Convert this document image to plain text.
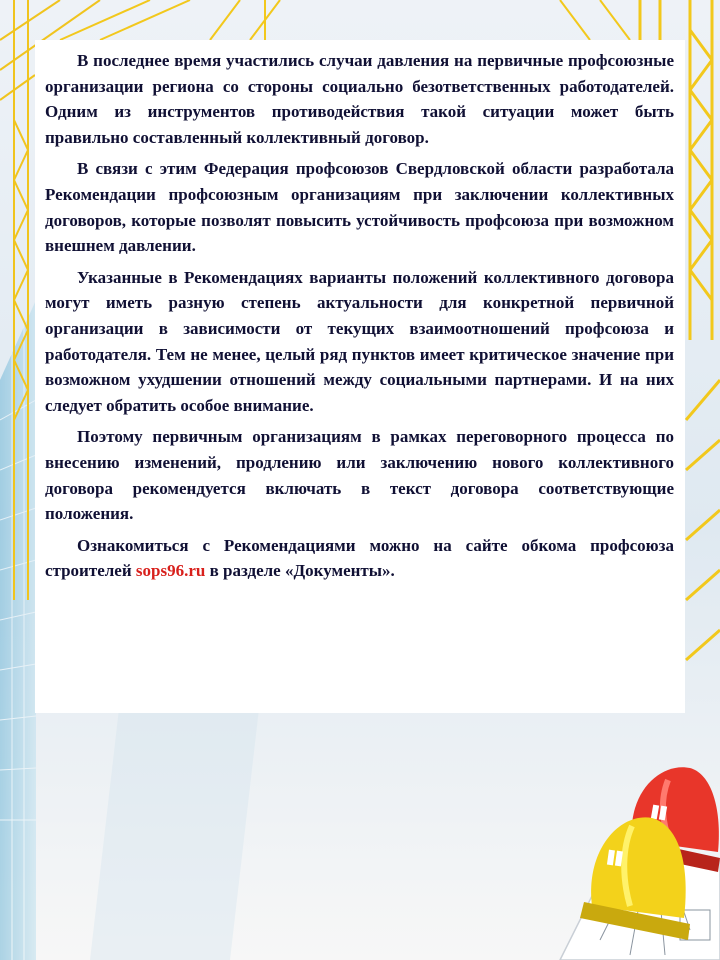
В последнее время участились случаи давления на первичные профсоюзные организации региона со стороны социально безответственных работодателей. Одним из инструментов противодействия такой ситуации может быть правильно составленный коллективный договор.

В связи с этим Федерация профсоюзов Свердловской области разработала Рекомендации профсоюзным организациям при заключении коллективных договоров, которые позволят повысить устойчивость профсоюза при возможном внешнем давлении.

Указанные в Рекомендациях варианты положений коллективного договора могут иметь разную степень актуальности для конкретной первичной организации в зависимости от текущих взаимоотношений профсоюза и работодателя. Тем не менее, целый ряд пунктов имеет критическое значение при возможном ухудшении отношений между социальными партнерами. И на них следует обратить особое внимание.

Поэтому первичным организациям в рамках переговорного процесса по внесению изменений, продлению или заключению нового коллективного договора рекомендуется включать в текст договора соответствующие положения.

Ознакомиться с Рекомендациями можно на сайте обкома профсоюза строителей sops96.ru в разделе «Документы».
